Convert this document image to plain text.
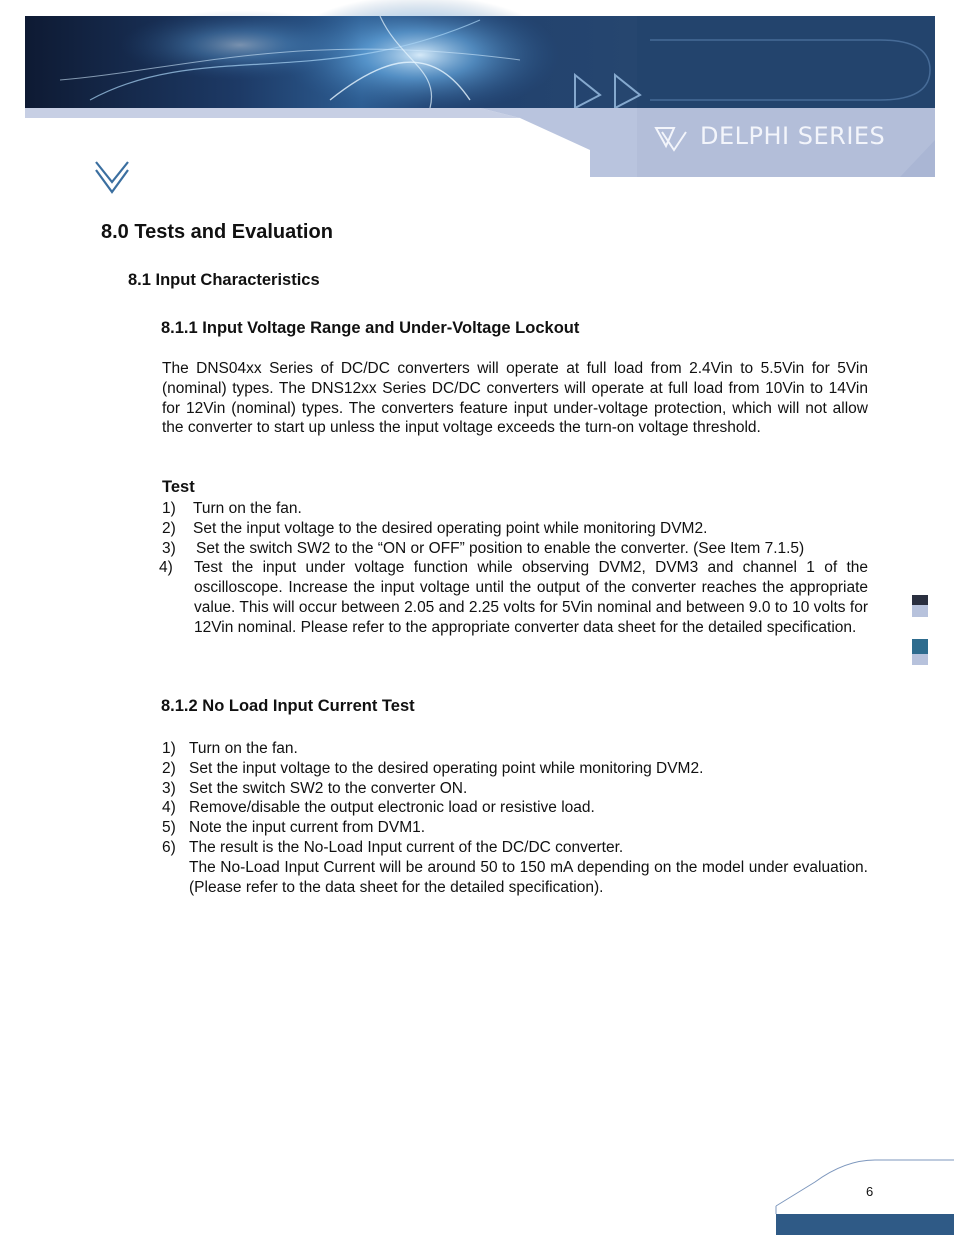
DELPHI SERIES
8.0 Tests and Evaluation
8.1 Input Characteristics
8.1.1 Input Voltage Range and Under-Voltage Lockout

The DNS04xx Series of DC/DC converters will operate at full load from 2.4Vin to 5.5Vin for 5Vin (nominal) types. The DNS12xx Series DC/DC converters will operate at full load from 10Vin to 14Vin for 12Vin (nominal) types. The converters feature input under-voltage protection, which will not allow the converter to start up unless the input voltage exceeds the turn-on voltage threshold.

Test

1) Turn on the fan.
2) Set the input voltage to the desired operating point while monitoring DVM2.
3) Set the switch SW2 to the “ON or OFF” position to enable the converter. (See Item 7.1.5)
4) Test the input under voltage function while observing DVM2, DVM3 and channel 1 of the oscilloscope. Increase the input voltage until the output of the converter reaches the appropriate value. This will occur between 2.05 and 2.25 volts for 5Vin nominal and between 9.0 to 10 volts for 12Vin nominal. Please refer to the appropriate converter data sheet for the detailed specification.
8.1.2 No Load Input Current Test
1) Turn on the fan.
2) Set the input voltage to the desired operating point while monitoring DVM2.
3) Set the switch SW2 to the converter ON.
4) Remove/disable the output electronic load or resistive load.
5) Note the input current from DVM1.
6) The result is the No-Load Input current of the DC/DC converter.
The No-Load Input Current will be around 50 to 150 mA depending on the model under evaluation. (Please refer to the data sheet for the detailed specification).
6
